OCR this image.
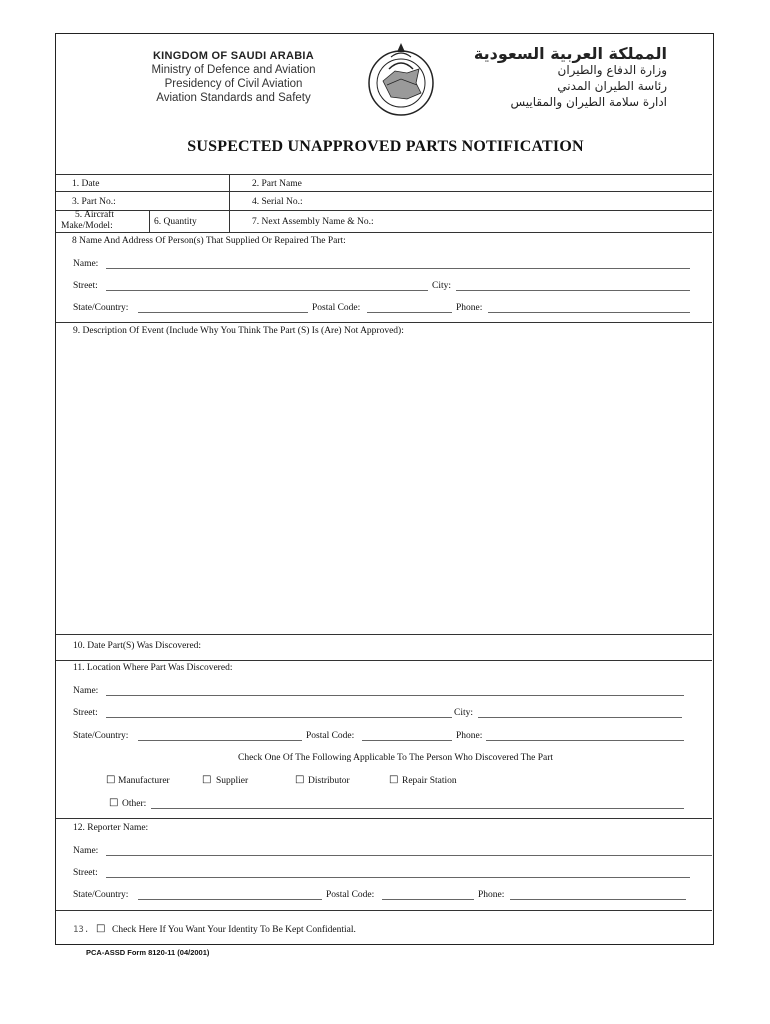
KINGDOM OF SAUDI ARABIA
Ministry of Defence and Aviation
Presidency of Civil Aviation
Aviation Standards and Safety
المملكة العربية السعودية
وزارة الدفاع والطيران
رئاسة الطيران المدني
ادارة سلامة الطيران والمقاييس
SUSPECTED UNAPPROVED PARTS NOTIFICATION
1. Date	2. Part Name
3. Part No.:	4. Serial No.:
5. Aircraft
Make/Model:	6. Quantity	7. Next Assembly Name & No.:
8 Name And Address Of Person(s) That Supplied Or Repaired The Part:
Name:
Street:	City:
State/Country:	Postal Code:	Phone:
9. Description Of Event (Include Why You Think The Part (S) Is (Are) Not Approved):
10. Date Part(S) Was Discovered:
11. Location Where Part Was Discovered:
Name:
Street:	City:
State/Country:	Postal Code:	Phone:
Check One Of The Following Applicable To The Person Who Discovered The Part
□ Manufacturer	□ Supplier	□ Distributor	□ Repair Station
□ Other:
12. Reporter Name:
Name:
Street:
State/Country:	Postal Code:	Phone:
13. □ Check Here If You Want Your Identity To Be Kept Confidential.
PCA-ASSD Form 8120-11 (04/2001)
